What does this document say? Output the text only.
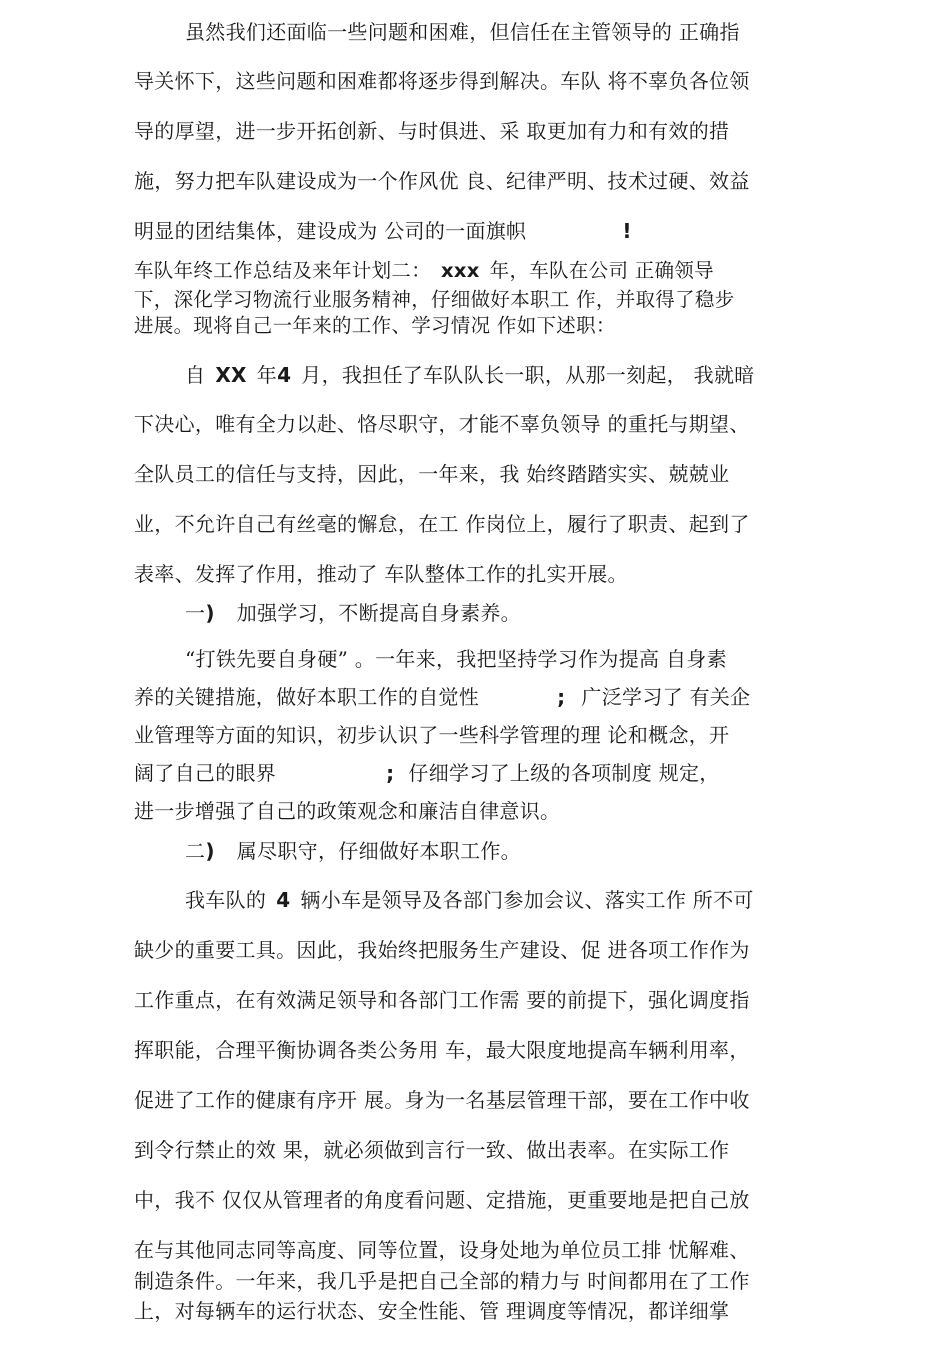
虽然我们还面临一些问题和困难，但信任在主管领导的 正确指

导关怀下，这些问题和困难都将逐步得到解决。车队 将不辜负各位领

导的厚望，进一步开拓创新、与时俱进、采 取更加有力和有效的措

施，努力把车队建设成为一个作风优 良、纪律严明、技术过硬、效益

明显的团结集体，建设成为 公司的一面旗帜	!

车队年终工作总结及来年计划二： xxx 年，车队在公司 正确领导

下，深化学习物流行业服务精神，仔细做好本职工 作，并取得了稳步

进展。现将自己一年来的工作、学习情况 作如下述职：

自 XX 年4 月，我担任了车队队长一职，从那一刻起， 我就暗

下决心，唯有全力以赴、恪尽职守，才能不辜负领导 的重托与期望、

全队员工的信任与支持，因此，一年来，我 始终踏踏实实、兢兢业

业，不允许自己有丝毫的懈怠，在工 作岗位上，履行了职责、起到了

表率、发挥了作用，推动了 车队整体工作的扎实开展。

一) 加强学习，不断提高自身素养。

“打铁先要自身硬” 。一年来，我把坚持学习作为提高 自身素

养的关键措施，做好本职工作的自觉性	; 广泛学习了 有关企

业管理等方面的知识，初步认识了一些科学管理的理 论和概念，开

阔了自己的眼界	; 仔细学习了上级的各项制度 规定，

进一步增强了自己的政策观念和廉洁自律意识。

二) 属尽职守，仔细做好本职工作。

我车队的 4 辆小车是领导及各部门参加会议、落实工作 所不可

缺少的重要工具。因此，我始终把服务生产建设、促 进各项工作作为

工作重点，在有效满足领导和各部门工作需 要的前提下，强化调度指

挥职能，合理平衡协调各类公务用 车，最大限度地提高车辆利用率，

促进了工作的健康有序开 展。身为一名基层管理干部，要在工作中收

到令行禁止的效 果，就必须做到言行一致、做出表率。在实际工作

中，我不 仅仅从管理者的角度看问题、定措施，更重要地是把自己放

在与其他同志同等高度、同等位置，设身处地为单位员工排 忧解难、

制造条件。一年来，我几乎是把自己全部的精力与 时间都用在了工作

上，对每辆车的运行状态、安全性能、管 理调度等情况，都详细掌
